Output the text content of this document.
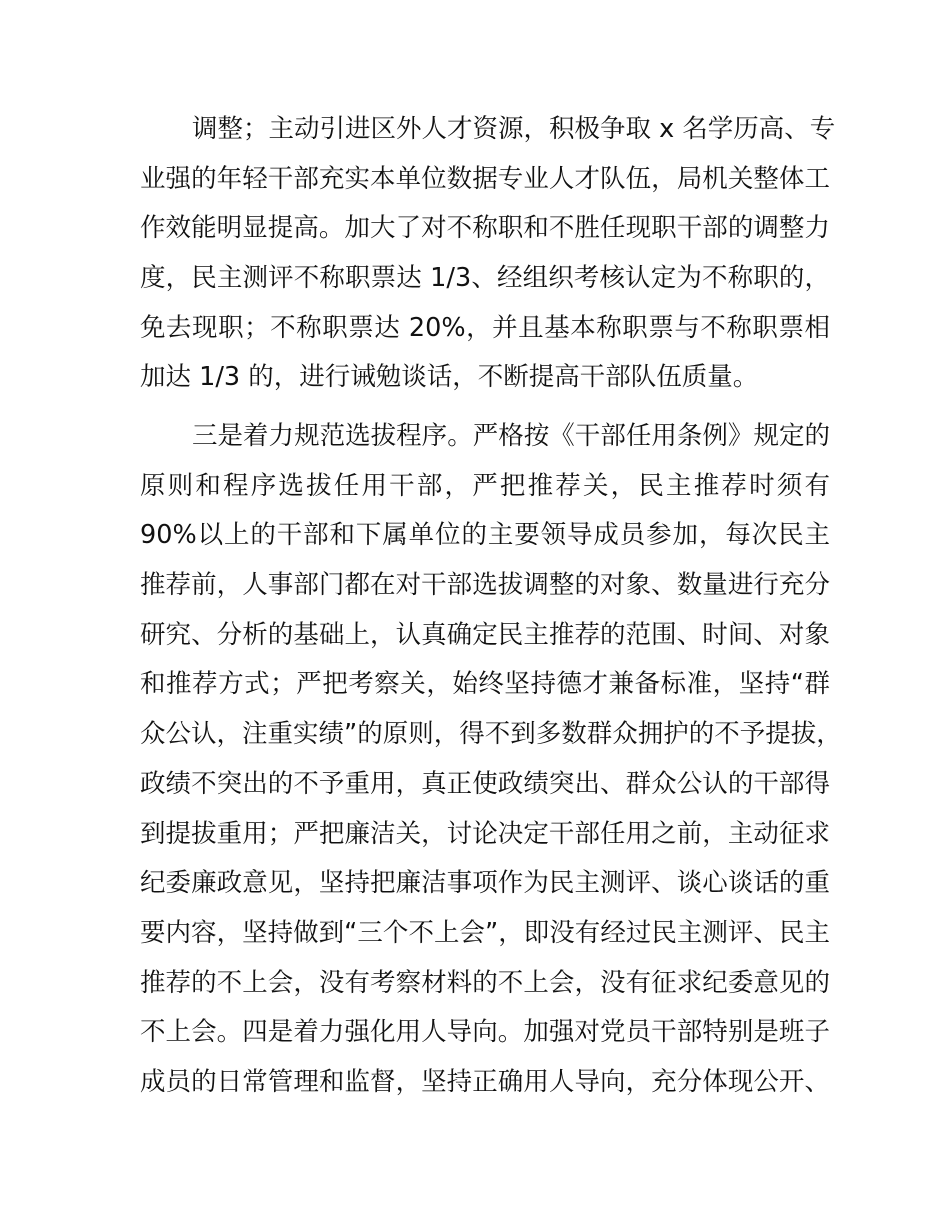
调整；主动引进区外人才资源，积极争取 x 名学历高、专
业强的年轻干部充实本单位数据专业人才队伍，局机关整体工
作效能明显提高。加大了对不称职和不胜任现职干部的调整力
度，民主测评不称职票达 1/3、经组织考核认定为不称职的，
免去现职；不称职票达 20%，并且基本称职票与不称职票相
加达 1/3 的，进行诫勉谈话，不断提高干部队伍质量。
三是着力规范选拔程序。严格按《干部任用条例》规定的
原则和程序选拔任用干部，严把推荐关，民主推荐时须有
90%以上的干部和下属单位的主要领导成员参加，每次民主
推荐前，人事部门都在对干部选拔调整的对象、数量进行充分
研究、分析的基础上，认真确定民主推荐的范围、时间、对象
和推荐方式；严把考察关，始终坚持德才兼备标准，坚持“群
众公认，注重实绩”的原则，得不到多数群众拥护的不予提拔，
政绩不突出的不予重用，真正使政绩突出、群众公认的干部得
到提拔重用；严把廉洁关，讨论决定干部任用之前，主动征求
纪委廉政意见，坚持把廉洁事项作为民主测评、谈心谈话的重
要内容，坚持做到“三个不上会”，即没有经过民主测评、民主
推荐的不上会，没有考察材料的不上会，没有征求纪委意见的
不上会。四是着力强化用人导向。加强对党员干部特别是班子
成员的日常管理和监督，坚持正确用人导向，充分体现公开、
